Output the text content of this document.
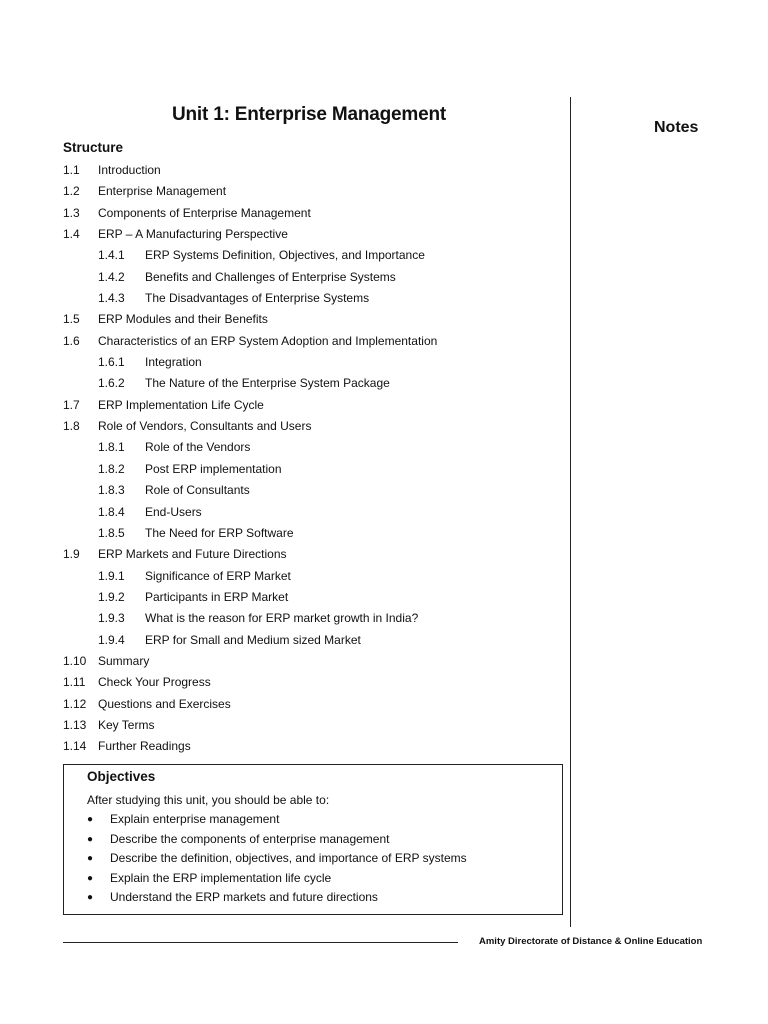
Unit 1: Enterprise Management
Notes
Structure
1.1 Introduction
1.2 Enterprise Management
1.3 Components of Enterprise Management
1.4 ERP – A Manufacturing Perspective
1.4.1 ERP Systems Definition, Objectives, and Importance
1.4.2 Benefits and Challenges of Enterprise Systems
1.4.3 The Disadvantages of Enterprise Systems
1.5 ERP Modules and their Benefits
1.6 Characteristics of an ERP System Adoption and Implementation
1.6.1 Integration
1.6.2 The Nature of the Enterprise System Package
1.7 ERP Implementation Life Cycle
1.8 Role of Vendors, Consultants and Users
1.8.1 Role of the Vendors
1.8.2 Post ERP implementation
1.8.3 Role of Consultants
1.8.4 End-Users
1.8.5 The Need for ERP Software
1.9 ERP Markets and Future Directions
1.9.1 Significance of ERP Market
1.9.2 Participants in ERP Market
1.9.3 What is the reason for ERP market growth in India?
1.9.4 ERP for Small and Medium sized Market
1.10 Summary
1.11 Check Your Progress
1.12 Questions and Exercises
1.13 Key Terms
1.14 Further Readings
Objectives
After studying this unit, you should be able to:
● Explain enterprise management
● Describe the components of enterprise management
● Describe the definition, objectives, and importance of ERP systems
● Explain the ERP implementation life cycle
● Understand the ERP markets and future directions
Amity Directorate of Distance & Online Education
